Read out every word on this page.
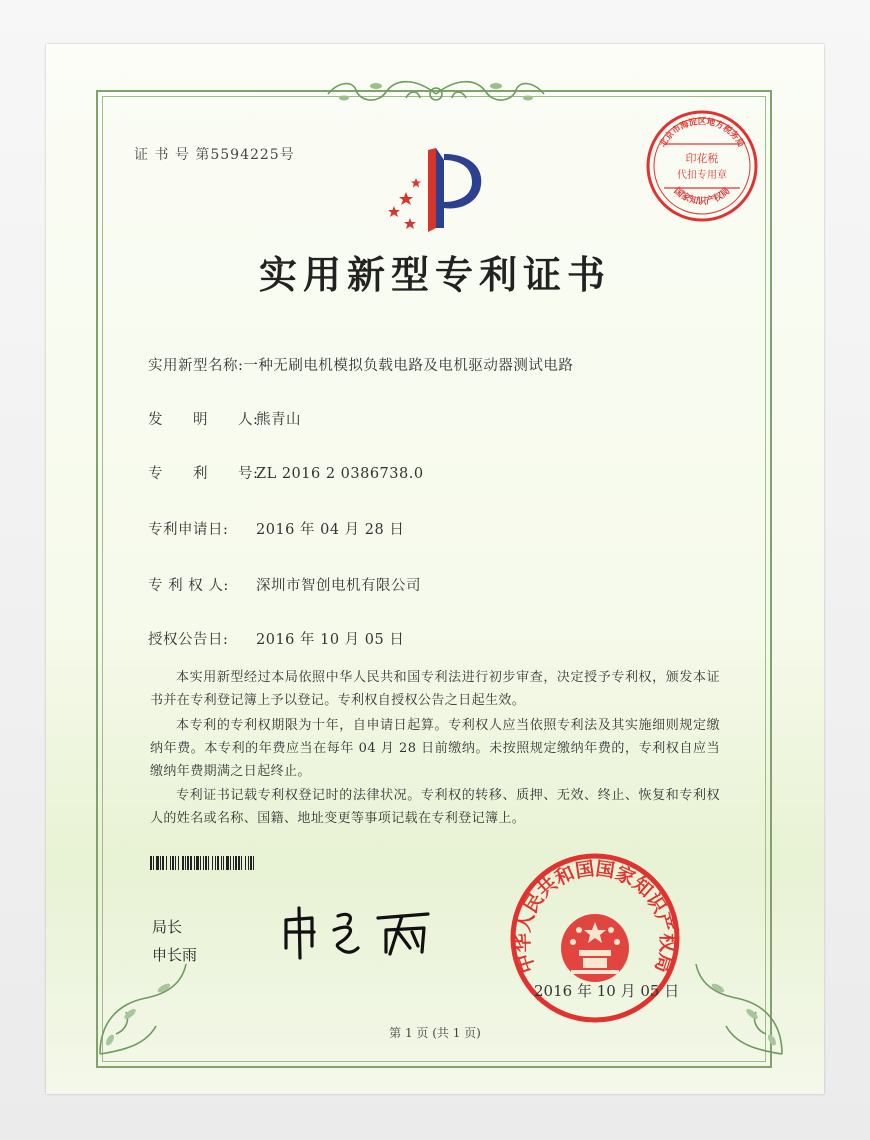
证 书 号 第5594225号	印花税
代扣专用章
北京市海淀区地方税务局
国家知识产权局
实用新型专利证书
实用新型名称:一种无刷电机模拟负载电路及电机驱动器测试电路
发　　明　　人:熊青山
专　　利　　号:ZL 2016 2 0386738.0
专利申请日: 2016 年 04 月 28 日
专 利 权 人: 深圳市智创电机有限公司
授权公告日: 2016 年 10 月 05 日
本实用新型经过本局依照中华人民共和国专利法进行初步审查，决定授予专利权，颁发本证书并在专利登记簿上予以登记。专利权自授权公告之日起生效。
本专利的专利权期限为十年，自申请日起算。专利权人应当依照专利法及其实施细则规定缴纳年费。本专利的年费应当在每年 04 月 28 日前缴纳。未按照规定缴纳年费的，专利权自应当缴纳年费期满之日起终止。
专利证书记载专利权登记时的法律状况。专利权的转移、质押、无效、终止、恢复和专利权人的姓名或名称、国籍、地址变更等事项记载在专利登记簿上。
局长
申长雨	中华人民共和国国家知识产权局
2016 年 10 月 05 日
第 1 页 (共 1 页)
